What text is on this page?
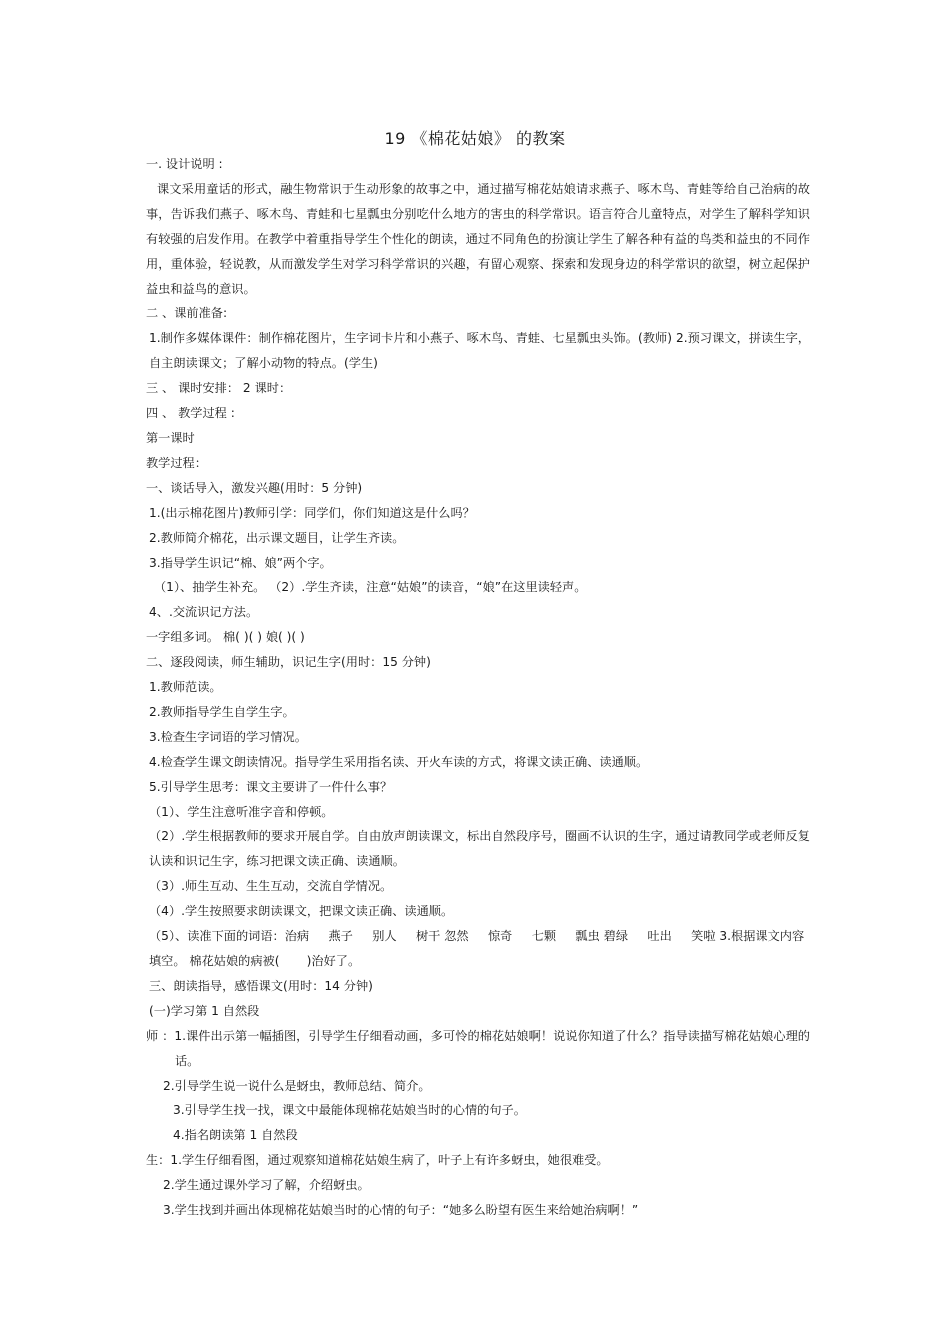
19 《棉花姑娘》 的教案

一. 设计说明 :

课文采用童话的形式，融生物常识于生动形象的故事之中，通过描写棉花姑娘请求燕子、啄木鸟、青蛙等给自己治病的故事，告诉我们燕子、啄木鸟、青蛙和七星瓢虫分别吃什么地方的害虫的科学常识。语言符合儿童特点，对学生了解科学知识有较强的启发作用。在教学中着重指导学生个性化的朗读，通过不同角色的扮演让学生了解各种有益的鸟类和益虫的不同作用，重体验，轻说教，从而激发学生对学习科学常识的兴趣，有留心观察、探索和发现身边的科学常识的欲望，树立起保护益虫和益鸟的意识。

二 、课前准备:

1.制作多媒体课件：制作棉花图片，生字词卡片和小燕子、啄木鸟、青蛙、七星瓢虫头饰。(教师) 2.预习课文，拼读生字，自主朗读课文；了解小动物的特点。(学生)

三 、 课时安排： 2 课时：

四 、 教学过程 :

第一课时

教学过程：

一、谈话导入，激发兴趣(用时：5 分钟)

1.(出示棉花图片)教师引学：同学们，你们知道这是什么吗？

2.教师简介棉花，出示课文题目，让学生齐读。

3.指导学生识记“棉、娘”两个字。

（1）、抽学生补充。 （2）.学生齐读，注意“姑娘”的读音，“娘”在这里读轻声。

4、.交流识记方法。

一字组多词。 棉( )( ) 娘( )( )

二、逐段阅读，师生辅助，识记生字(用时：15 分钟)

1.教师范读。

2.教师指导学生自学生字。

3.检查生字词语的学习情况。

4.检查学生课文朗读情况。指导学生采用指名读、开火车读的方式，将课文读正确、读通顺。

5.引导学生思考：课文主要讲了一件什么事？

（1）、学生注意听准字音和停顿。

（2）.学生根据教师的要求开展自学。自由放声朗读课文，标出自然段序号，圈画不认识的生字，通过请教同学或老师反复认读和识记生字，练习把课文读正确、读通顺。

（3）.师生互动、生生互动，交流自学情况。

（4）.学生按照要求朗读课文，把课文读正确、读通顺。

（5）、读准下面的词语：治病     燕子     别人     树干 忽然     惊奇     七颗     瓢虫 碧绿     吐出     笑啦 3.根据课文内容填空。 棉花姑娘的病被(       )治好了。

三、朗读指导，感悟课文(用时：14 分钟)

(一)学习第 1 自然段

师 ：1.课件出示第一幅插图，引导学生仔细看动画，多可怜的棉花姑娘啊！说说你知道了什么？指导读描写棉花姑娘心理的话。

2.引导学生说一说什么是蚜虫，教师总结、简介。

3.引导学生找一找，课文中最能体现棉花姑娘当时的心情的句子。

4.指名朗读第 1 自然段

生：1.学生仔细看图，通过观察知道棉花姑娘生病了，叶子上有许多蚜虫，她很难受。

2.学生通过课外学习了解，介绍蚜虫。

3.学生找到并画出体现棉花姑娘当时的心情的句子：“她多么盼望有医生来给她治病啊！”
